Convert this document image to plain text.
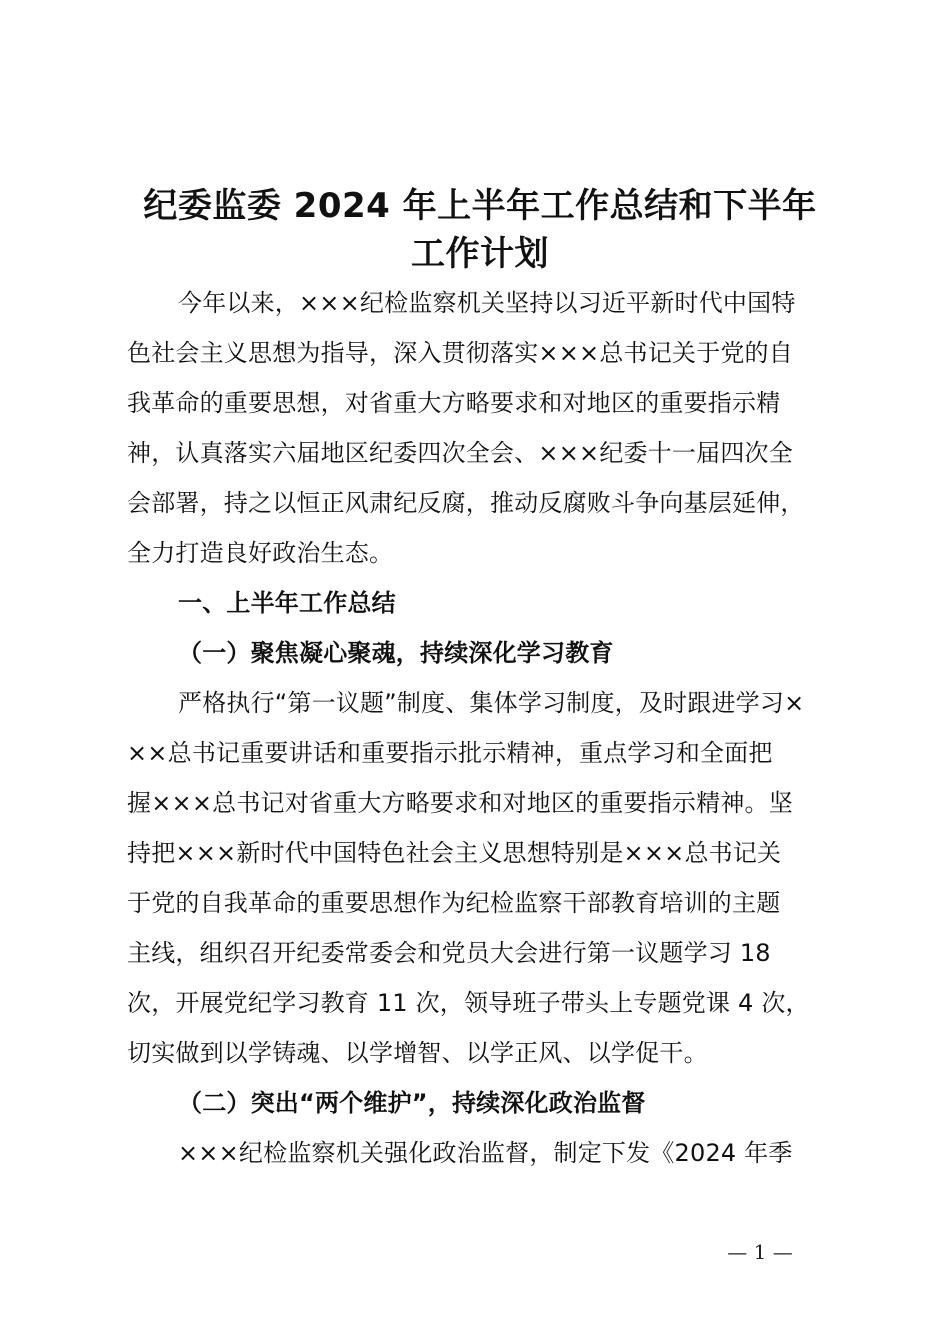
纪委监委 2024 年上半年工作总结和下半年
工作计划
今年以来，×××纪检监察机关坚持以习近平新时代中国特
色社会主义思想为指导，深入贯彻落实×××总书记关于党的自
我革命的重要思想，对省重大方略要求和对地区的重要指示精
神，认真落实六届地区纪委四次全会、×××纪委十一届四次全
会部署，持之以恒正风肃纪反腐，推动反腐败斗争向基层延伸，
全力打造良好政治生态。
一、上半年工作总结
（一）聚焦凝心聚魂，持续深化学习教育
严格执行“第一议题”制度、集体学习制度，及时跟进学习×
××总书记重要讲话和重要指示批示精神，重点学习和全面把
握×××总书记对省重大方略要求和对地区的重要指示精神。坚
持把×××新时代中国特色社会主义思想特别是×××总书记关
于党的自我革命的重要思想作为纪检监察干部教育培训的主题
主线，组织召开纪委常委会和党员大会进行第一议题学习 18
次，开展党纪学习教育 11 次，领导班子带头上专题党课 4 次，
切实做到以学铸魂、以学增智、以学正风、以学促干。
（二）突出“两个维护”，持续深化政治监督
×××纪检监察机关强化政治监督，制定下发《2024 年季
— 1 —
